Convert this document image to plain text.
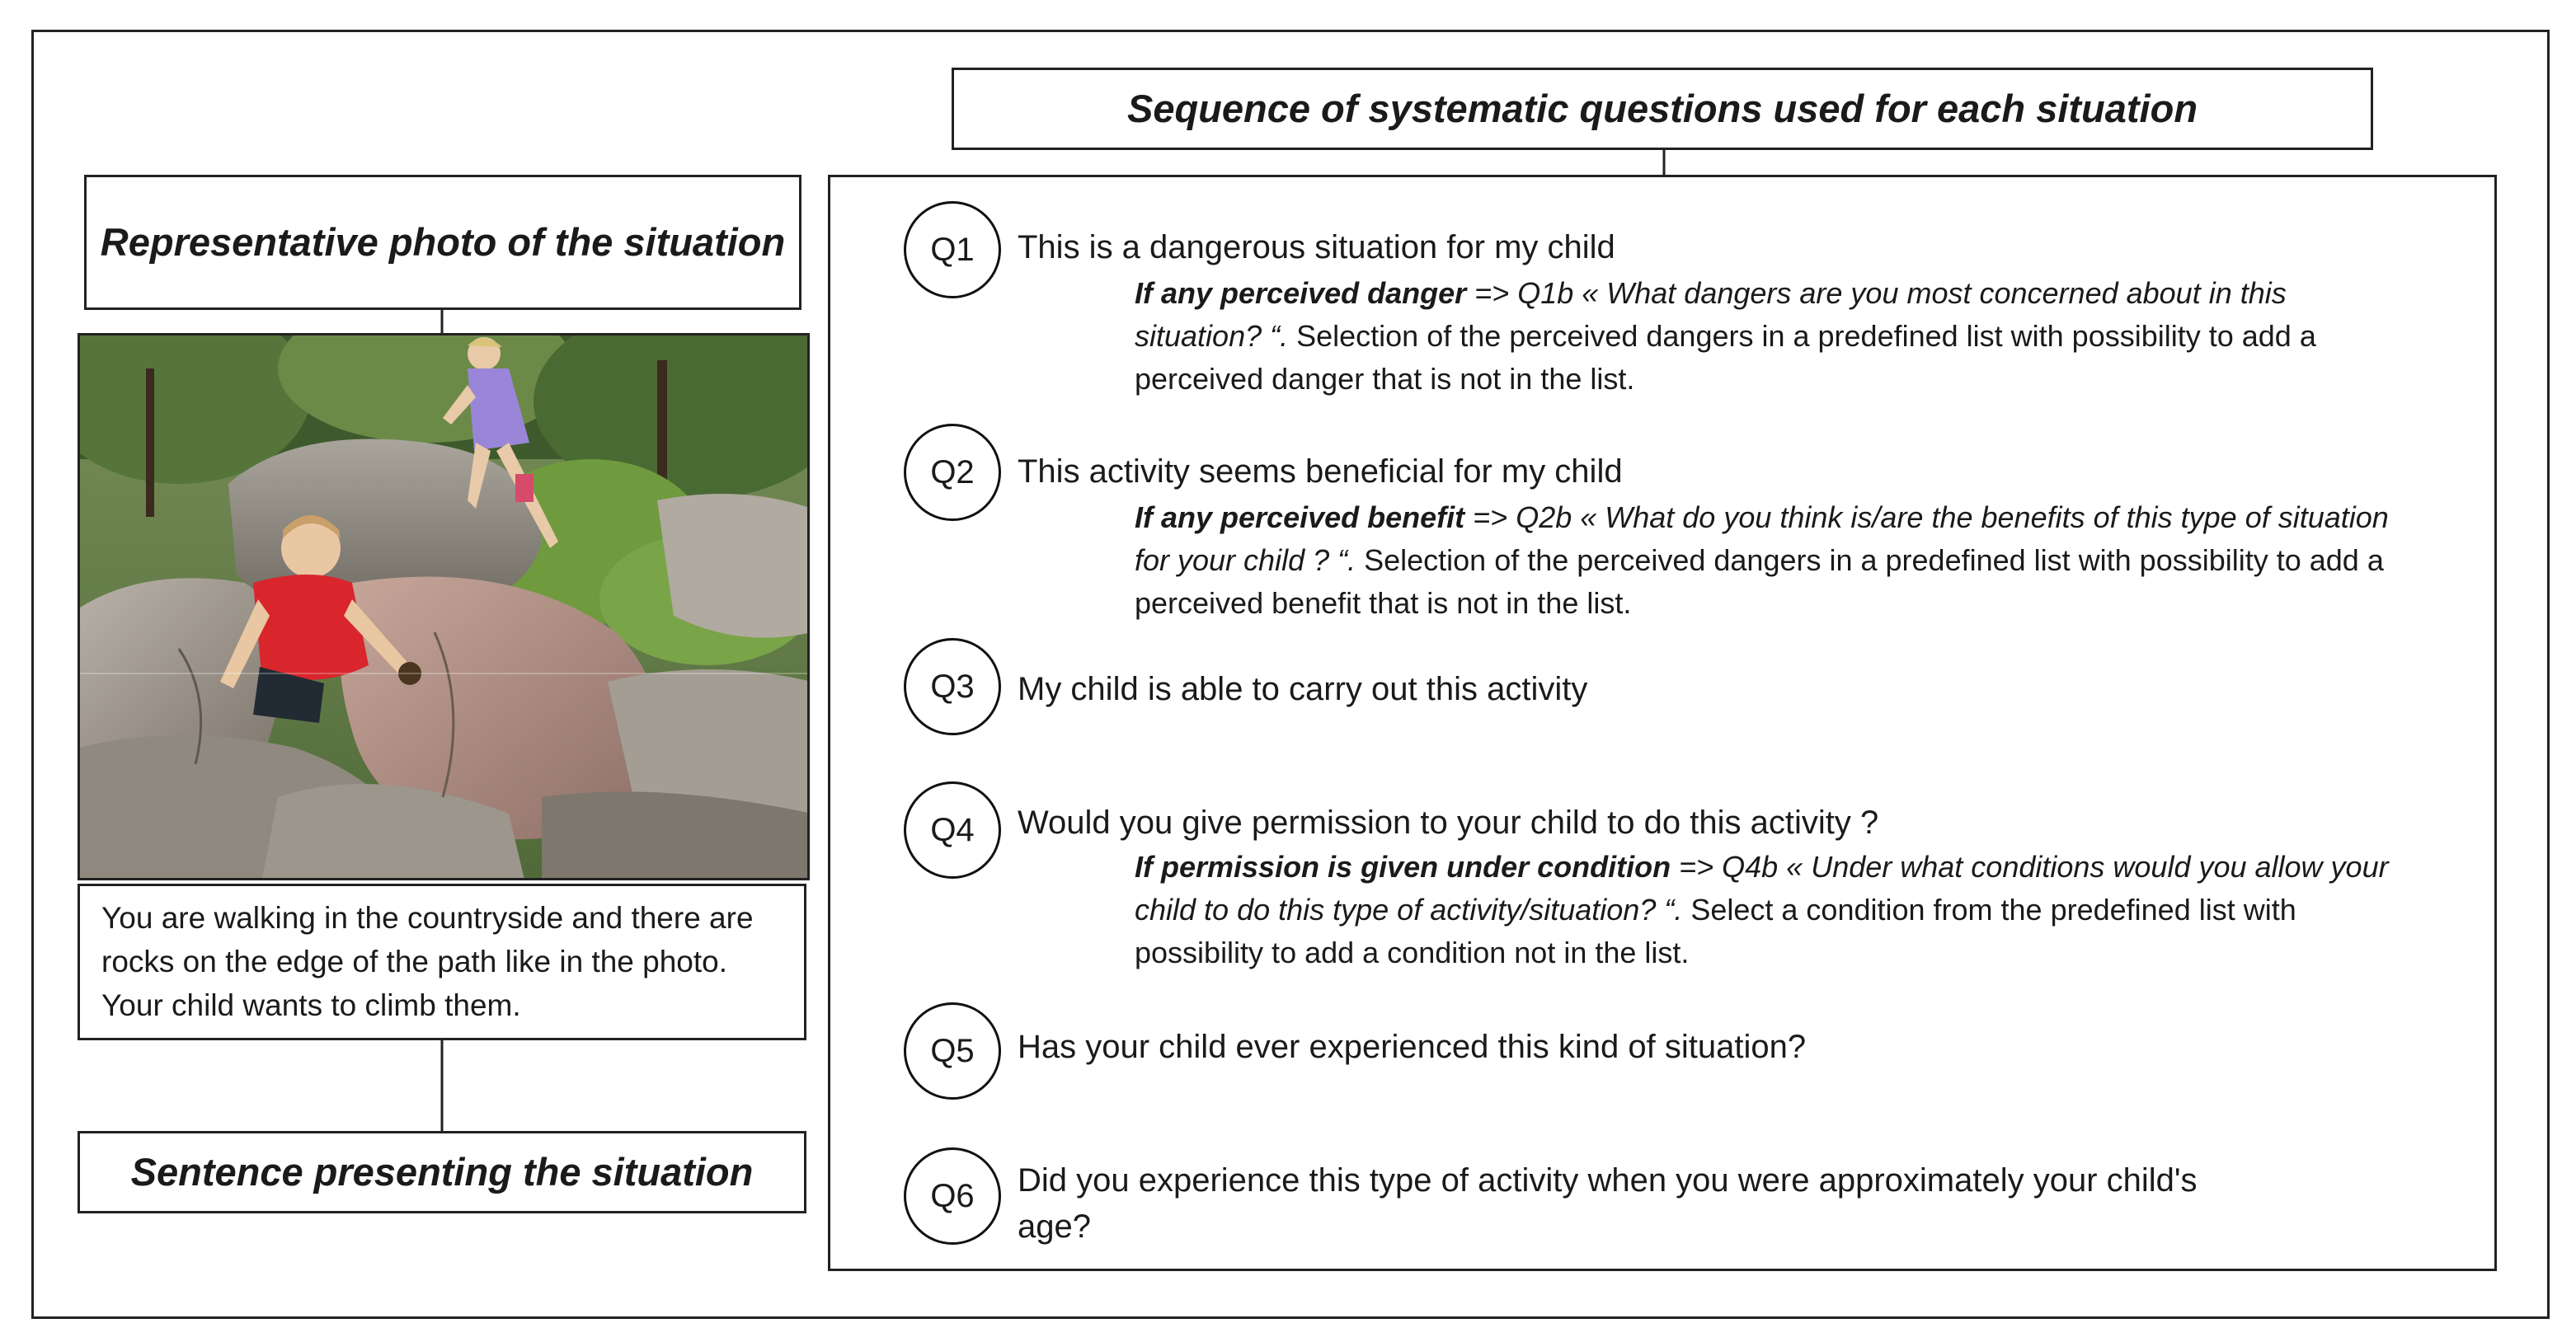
Representative photo of the situation
You are walking in the countryside and there are rocks on the edge of the path like in the photo. Your child wants to climb them.
Sentence presenting the situation
Sequence of systematic questions used for each situation
Q1 This is a dangerous situation for my child
If any perceived danger => Q1b « What dangers are you most concerned about in this situation? “. Selection of the perceived dangers in a predefined list with possibility to add a perceived danger that is not in the list.
Q2 This activity seems beneficial for my child
If any perceived benefit => Q2b « What do you think is/are the benefits of this type of situation for your child ? “. Selection of the perceived dangers in a predefined list with possibility to add a perceived benefit that is not in the list.
Q3 My child is able to carry out this activity
Q4 Would you give permission to your child to do this activity ?
If permission is given under condition => Q4b « Under what conditions would you allow your child to do this type of activity/situation? “. Select a condition from the predefined list with possibility to add a condition not in the list.
Q5 Has your child ever experienced this kind of situation?
Q6 Did you experience this type of activity when you were approximately your child's
age?
